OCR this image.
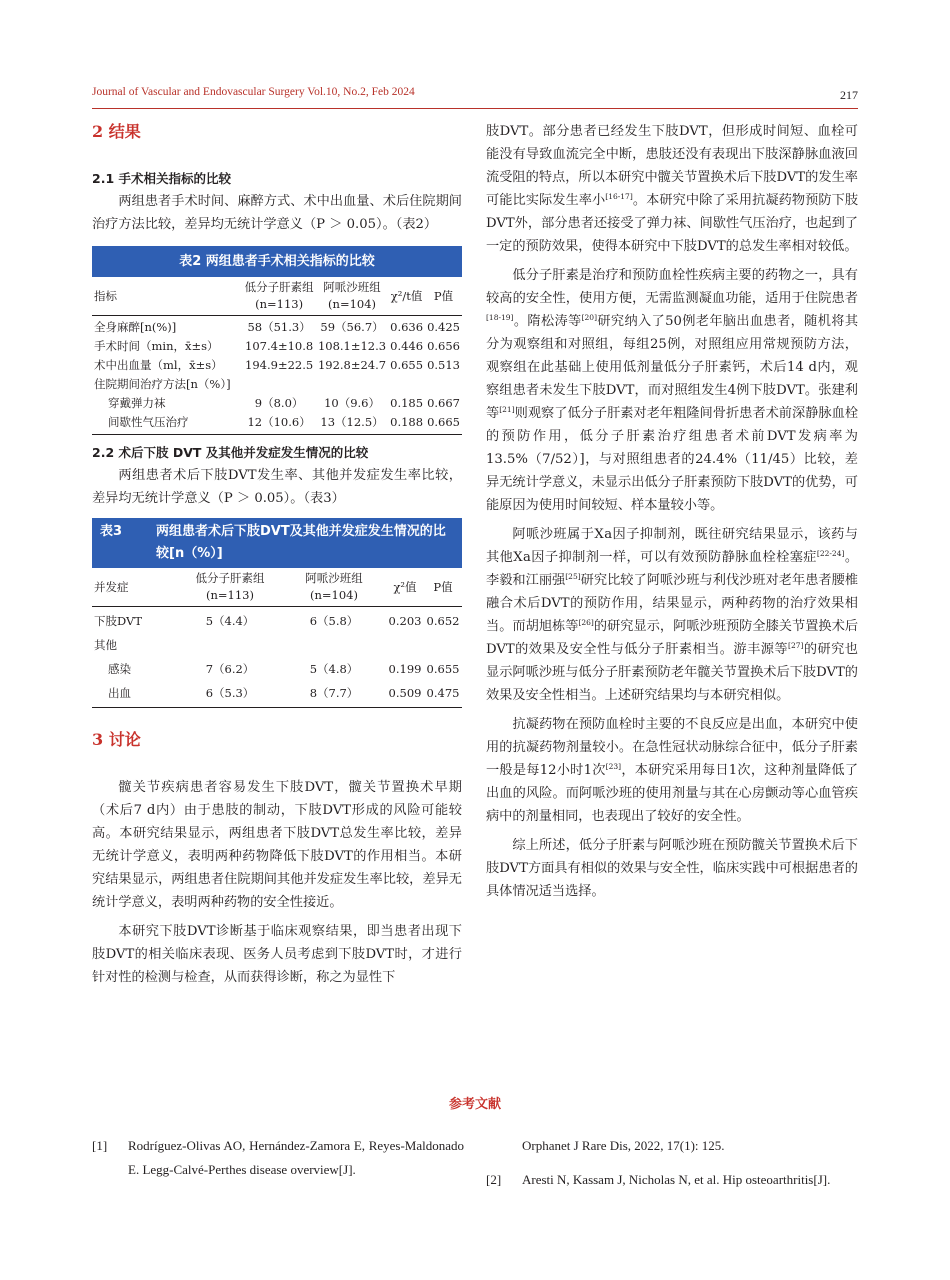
Journal of Vascular and Endovascular Surgery Vol.10, No.2, Feb 2024	217
2 结果
2.1 手术相关指标的比较

两组患者手术时间、麻醉方式、术中出血量、术后住院期间治疗方法比较，差异均无统计学意义（P ＞ 0.05）。（表2）

表2 两组患者手术相关指标的比较
指标	低分子肝素组(n=113)	阿哌沙班组(n=104)	χ²/t值	P值
全身麻醉[n(%)]	58（51.3）	59（56.7）	0.636	0.425
手术时间（min，x̄±s）	107.4±10.8	108.1±12.3	0.446	0.656
术中出血量（ml，x̄±s）	194.9±22.5	192.8±24.7	0.655	0.513
住院期间治疗方法[n（%）]				
穿戴弹力袜	9（8.0）	10（9.6）	0.185	0.667
间歇性气压治疗	12（10.6）	13（12.5）	0.188	0.665
2.2 术后下肢 DVT 及其他并发症发生情况的比较

两组患者术后下肢DVT发生率、其他并发症发生率比较，差异均无统计学意义（P ＞ 0.05）。（表3）

表3	两组患者术后下肢DVT及其他并发症发生情况的比较[n（%）]
并发症	低分子肝素组(n=113)	阿哌沙班组(n=104)	χ²值	P值
下肢DVT	5（4.4）	6（5.8）	0.203	0.652
其他				
感染	7（6.2）	5（4.8）	0.199	0.655
出血	6（5.3）	8（7.7）	0.509	0.475
3 讨论

髋关节疾病患者容易发生下肢DVT，髋关节置换术早期（术后7 d内）由于患肢的制动，下肢DVT形成的风险可能较高。本研究结果显示，两组患者下肢DVT总发生率比较，差异无统计学意义，表明两种药物降低下肢DVT的作用相当。本研究结果显示，两组患者住院期间其他并发症发生率比较，差异无统计学意义，表明两种药物的安全性接近。

本研究下肢DVT诊断基于临床观察结果，即当患者出现下肢DVT的相关临床表现、医务人员考虑到下肢DVT时，才进行针对性的检测与检查，从而获得诊断，称之为显性下

肢DVT。部分患者已经发生下肢DVT，但形成时间短、血栓可能没有导致血流完全中断，患肢还没有表现出下肢深静脉血液回流受阻的特点，所以本研究中髋关节置换术后下肢DVT的发生率可能比实际发生率小[16-17]。本研究中除了采用抗凝药物预防下肢DVT外，部分患者还接受了弹力袜、间歇性气压治疗，也起到了一定的预防效果，使得本研究中下肢DVT的总发生率相对较低。

低分子肝素是治疗和预防血栓性疾病主要的药物之一，具有较高的安全性，使用方便，无需监测凝血功能，适用于住院患者[18-19]。隋松涛等[20]研究纳入了50例老年脑出血患者，随机将其分为观察组和对照组，每组25例，对照组应用常规预防方法，观察组在此基础上使用低剂量低分子肝素钙，术后14 d内，观察组患者未发生下肢DVT，而对照组发生4例下肢DVT。张建利等[21]则观察了低分子肝素对老年粗隆间骨折患者术前深静脉血栓的预防作用，低分子肝素治疗组患者术前DVT发病率为13.5%（7/52）]，与对照组患者的24.4%（11/45）比较，差异无统计学意义，未显示出低分子肝素预防下肢DVT的优势，可能原因为使用时间较短、样本量较小等。

阿哌沙班属于Ⅹa因子抑制剂，既往研究结果显示，该药与其他Ⅹa因子抑制剂一样，可以有效预防静脉血栓栓塞症[22-24]。李毅和江丽强[25]研究比较了阿哌沙班与利伐沙班对老年患者腰椎融合术后DVT的预防作用，结果显示，两种药物的治疗效果相当。而胡旭栋等[26]的研究显示，阿哌沙班预防全膝关节置换术后DVT的效果及安全性与低分子肝素相当。游丰源等[27]的研究也显示阿哌沙班与低分子肝素预防老年髋关节置换术后下肢DVT的效果及安全性相当。上述研究结果均与本研究相似。

抗凝药物在预防血栓时主要的不良反应是出血，本研究中使用的抗凝药物剂量较小。在急性冠状动脉综合征中，低分子肝素一般是每12小时1次[23]，本研究采用每日1次，这种剂量降低了出血的风险。而阿哌沙班的使用剂量与其在心房颤动等心血管疾病中的剂量相同，也表现出了较好的安全性。

综上所述，低分子肝素与阿哌沙班在预防髋关节置换术后下肢DVT方面具有相似的效果与安全性，临床实践中可根据患者的具体情况适当选择。

参考文献
[1] Rodríguez-Olivas AO, Hernández-Zamora E, Reyes-Maldonado E. Legg-Calvé-Perthes disease overview[J].
Orphanet J Rare Dis, 2022, 17(1): 125.
[2] Aresti N, Kassam J, Nicholas N, et al. Hip osteoarthritis[J].
